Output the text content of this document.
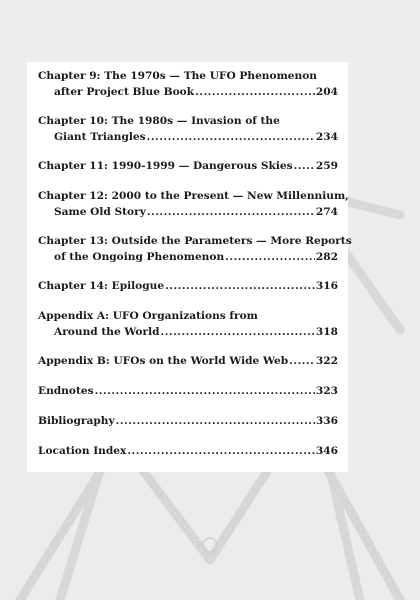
Chapter 9: The 1970s — The UFO Phenomenon
after Project Blue Book .....	204
Chapter 10: The 1980s — Invasion of the
Giant Triangles .....	234
Chapter 11: 1990-1999 — Dangerous Skies ..... 259
Chapter 12: 2000 to the Present — New Millennium,
Same Old Story .....	274
Chapter 13: Outside the Parameters — More Reports
of the Ongoing Phenomenon .....	282
Chapter 14: Epilogue .....	316
Appendix A: UFO Organizations from
Around the World .....	318
Appendix B: UFOs on the World Wide Web .....	322
Endnotes .....	323
Bibliography .....	336
Location Index .....	346
